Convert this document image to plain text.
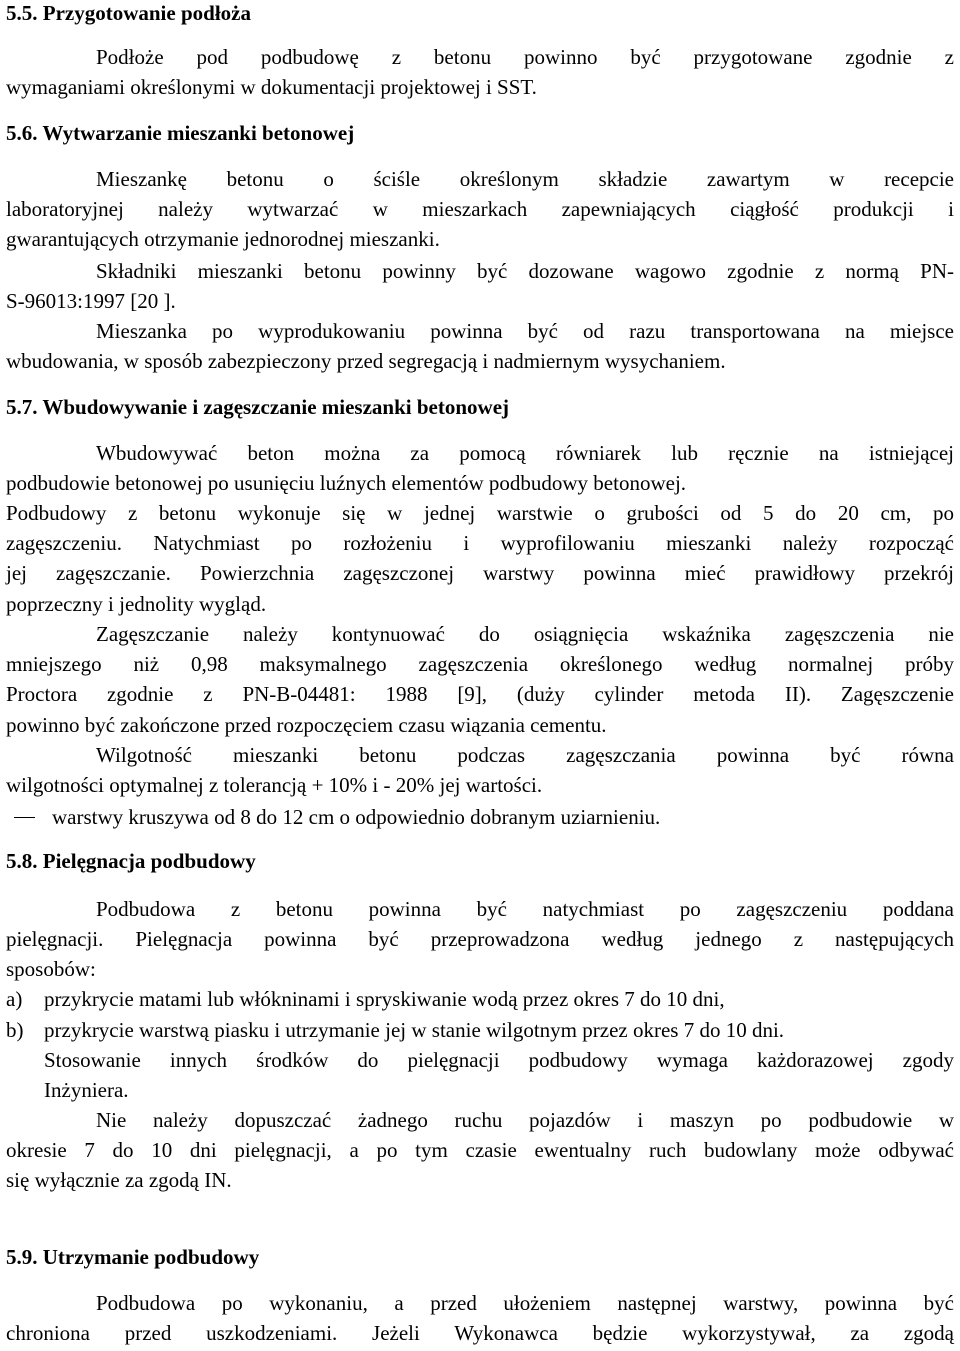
5.5. Przygotowanie podłoża
Podłoże pod podbudowę z betonu powinno być przygotowane zgodnie z
wymaganiami określonymi w dokumentacji projektowej i SST.
5.6. Wytwarzanie mieszanki betonowej
Mieszankę betonu o ściśle określonym składzie zawartym w recepcie
laboratoryjnej należy wytwarzać w mieszarkach zapewniających ciągłość produkcji i
gwarantujących otrzymanie jednorodnej mieszanki.
Składniki mieszanki betonu powinny być dozowane wagowo zgodnie z normą PN-
S-96013:1997 [20 ].
Mieszanka po wyprodukowaniu powinna być od razu transportowana na miejsce
wbudowania, w sposób zabezpieczony przed segregacją i nadmiernym wysychaniem.
5.7. Wbudowywanie i zagęszczanie mieszanki betonowej
Wbudowywać beton można za pomocą równiarek lub ręcznie na istniejącej
podbudowie betonowej po usunięciu luźnych elementów podbudowy betonowej.
Podbudowy z betonu wykonuje się w jednej warstwie o grubości od 5 do 20 cm, po
zagęszczeniu. Natychmiast po rozłożeniu i wyprofilowaniu mieszanki należy rozpocząć
jej zagęszczanie. Powierzchnia zagęszczonej warstwy powinna mieć prawidłowy przekrój
poprzeczny i jednolity wygląd.
Zagęszczanie należy kontynuować do osiągnięcia wskaźnika zagęszczenia nie
mniejszego niż 0,98 maksymalnego zagęszczenia określonego według normalnej próby
Proctora zgodnie z PN-B-04481: 1988 [9], (duży cylinder metoda II). Zagęszczenie
powinno być zakończone przed rozpoczęciem czasu wiązania cementu.
Wilgotność mieszanki betonu podczas zagęszczania powinna być równa
wilgotności optymalnej z tolerancją + 10% i - 20% jej wartości.
warstwy kruszywa od 8 do 12 cm o odpowiednio dobranym uziarnieniu.
5.8. Pielęgnacja podbudowy
Podbudowa z betonu powinna być natychmiast po zagęszczeniu poddana
pielęgnacji. Pielęgnacja powinna być przeprowadzona według jednego z następujących
sposobów:
a) przykrycie matami lub włókninami i spryskiwanie wodą przez okres 7 do 10 dni,
b) przykrycie warstwą piasku i utrzymanie jej w stanie wilgotnym przez okres 7 do 10 dni.
Stosowanie innych środków do pielęgnacji podbudowy wymaga każdorazowej zgody
Inżyniera.
Nie należy dopuszczać żadnego ruchu pojazdów i maszyn po podbudowie w
okresie 7 do 10 dni pielęgnacji, a po tym czasie ewentualny ruch budowlany może odbywać
się wyłącznie za zgodą IN.
5.9. Utrzymanie podbudowy
Podbudowa po wykonaniu, a przed ułożeniem następnej warstwy, powinna być
chroniona przed uszkodzeniami. Jeżeli Wykonawca będzie wykorzystywał, za zgodą
